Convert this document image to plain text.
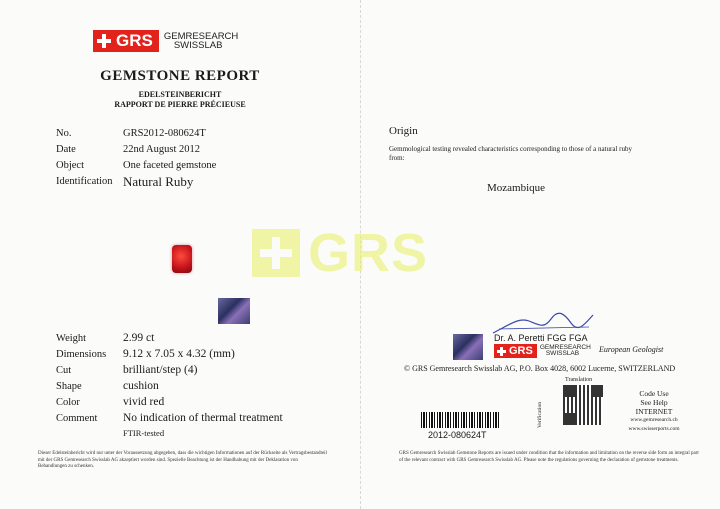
GRS GEMRESEARCH
SWISSLAB
GEMSTONE REPORT
EDELSTEINBERICHT
RAPPORT DE PIERRE PRÉCIEUSE
No.	GRS2012-080624T
Date	22nd August 2012
Object	One faceted gemstone
Identification Natural Ruby
Weight	2.99 ct
Dimensions 9.12 x 7.05 x 4.32 (mm)
Cut	brilliant/step (4)
Shape	cushion
Color	vivid red
Comment No indication of thermal treatment
FTIR-tested
Dieser Edelsteinbericht wird nur unter der Voraussetzung abgegeben, dass die wichtigen Informationen auf der Rückseite als Vertragsbestandteil mit der GRS Gemresearch Swisslab AG akzeptiert worden sind. Spezielle Beachtung ist der Handhabung mit der Deklaration von Behandlungen zu schenken.
Origin
Gemmological testing revealed characteristics corresponding to those of a natural ruby from:
Mozambique
Dr. A. Peretti FGG FGA
GRS GEMRESEARCH
SWISSLAB	European Geologist
© GRS Gemresearch Swisslab AG, P.O. Box 4028, 6002 Lucerne, SWITZERLAND
2012-080624T
Verification
Translation
Code Use
See Help
INTERNET
www.gemresearch.ch
www.swisserports.com
GRS Gemresearch Swisslab Gemstone Reports are issued under condition that the information and limitation on the reverse side form an integral part of the relevant contract with GRS Gemresearch Swisslab AG. Please note the regulations governing the declaration of gemstone treatments.
GRS
